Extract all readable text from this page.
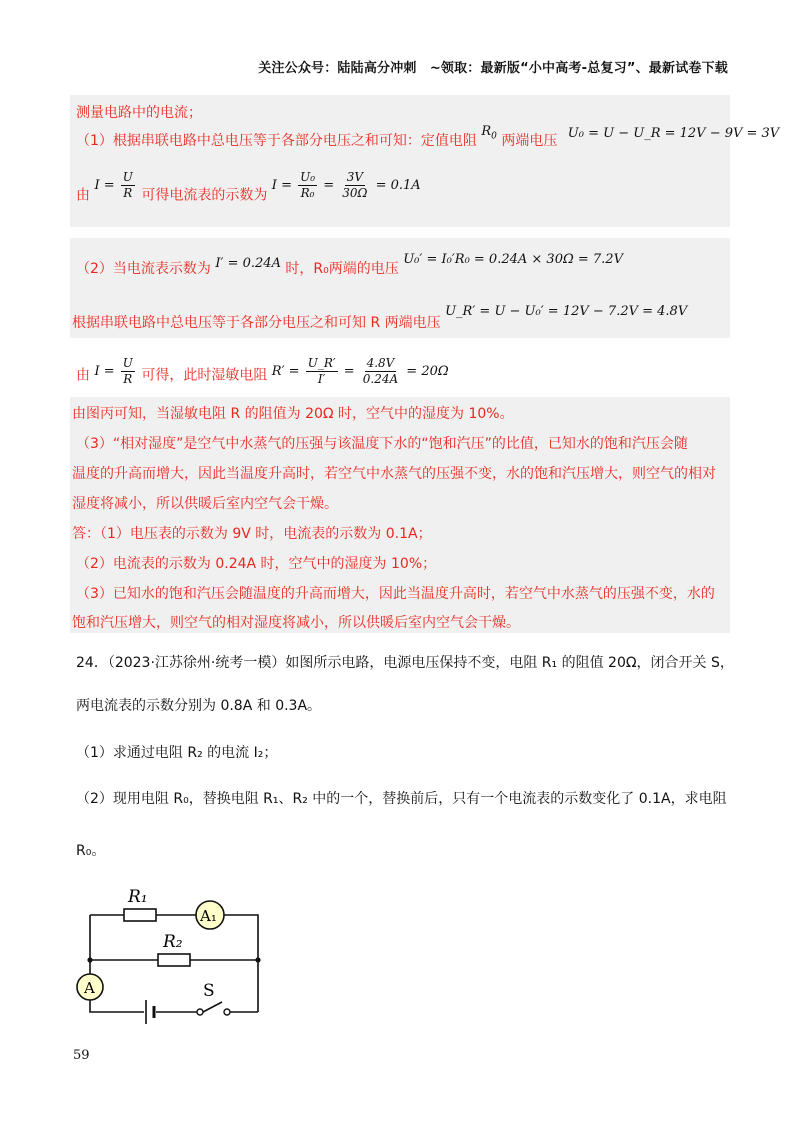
关注公众号：陆陆高分冲刺　~领取：最新版“小中高考-总复习”、最新试卷下载
测量电路中的电流；
（1）根据串联电路中总电压等于各部分电压之和可知：定值电阻 $R_0$ 两端电压 U₀ = U − U_R = 12V − 9V = 3V
由 $I = \frac{U}{R}$ 可得电流表的示数为 $I = \frac{\text{U₀}}{\text{R₀}} = \frac{3V}{30\Omega} = 0.1A$
（2）当电流表示数为 I′ = 0.24A 时，R₀两端的电压 U₀′ = I₀′R₀ = 0.24A × 30Ω = 7.2V
根据串联电路中总电压等于各部分电压之和可知 R 两端电压 U_R′ = U − U₀′ = 12V − 7.2V = 4.8V
由 $I = \frac{U}{R}$ 可得，此时湿敏电阻 $R' = \frac{U\_R'}{I'} = \frac{4.8V}{0.24A} = 20\Omega$
由图丙可知，当湿敏电阻 R 的阻值为 20Ω 时，空气中的湿度为 10%。
（3）“相对湿度”是空气中水蒸气的压强与该温度下水的“饱和汽压”的比值，已知水的饱和汽压会随
温度的升高而增大，因此当温度升高时，若空气中水蒸气的压强不变，水的饱和汽压增大，则空气的相对
湿度将减小，所以供暖后室内空气会干燥。
答：（1）电压表的示数为 9V 时，电流表的示数为 0.1A；
（2）电流表的示数为 0.24A 时，空气中的湿度为 10%；
（3）已知水的饱和汽压会随温度的升高而增大，因此当温度升高时，若空气中水蒸气的压强不变，水的
饱和汽压增大，则空气的相对湿度将减小，所以供暖后室内空气会干燥。
24．（2023·江苏徐州·统考一模）如图所示电路，电源电压保持不变，电阻 R₁ 的阻值 20Ω，闭合开关 S，
两电流表的示数分别为 0.8A 和 0.3A。
（1）求通过电阻 R₂ 的电流 I₂；
（2）现用电阻 R₀，替换电阻 R₁、R₂ 中的一个，替换前后，只有一个电流表的示数变化了 0.1A，求电阻
R₀。
R₁
A₁
R₂
A	S
59
